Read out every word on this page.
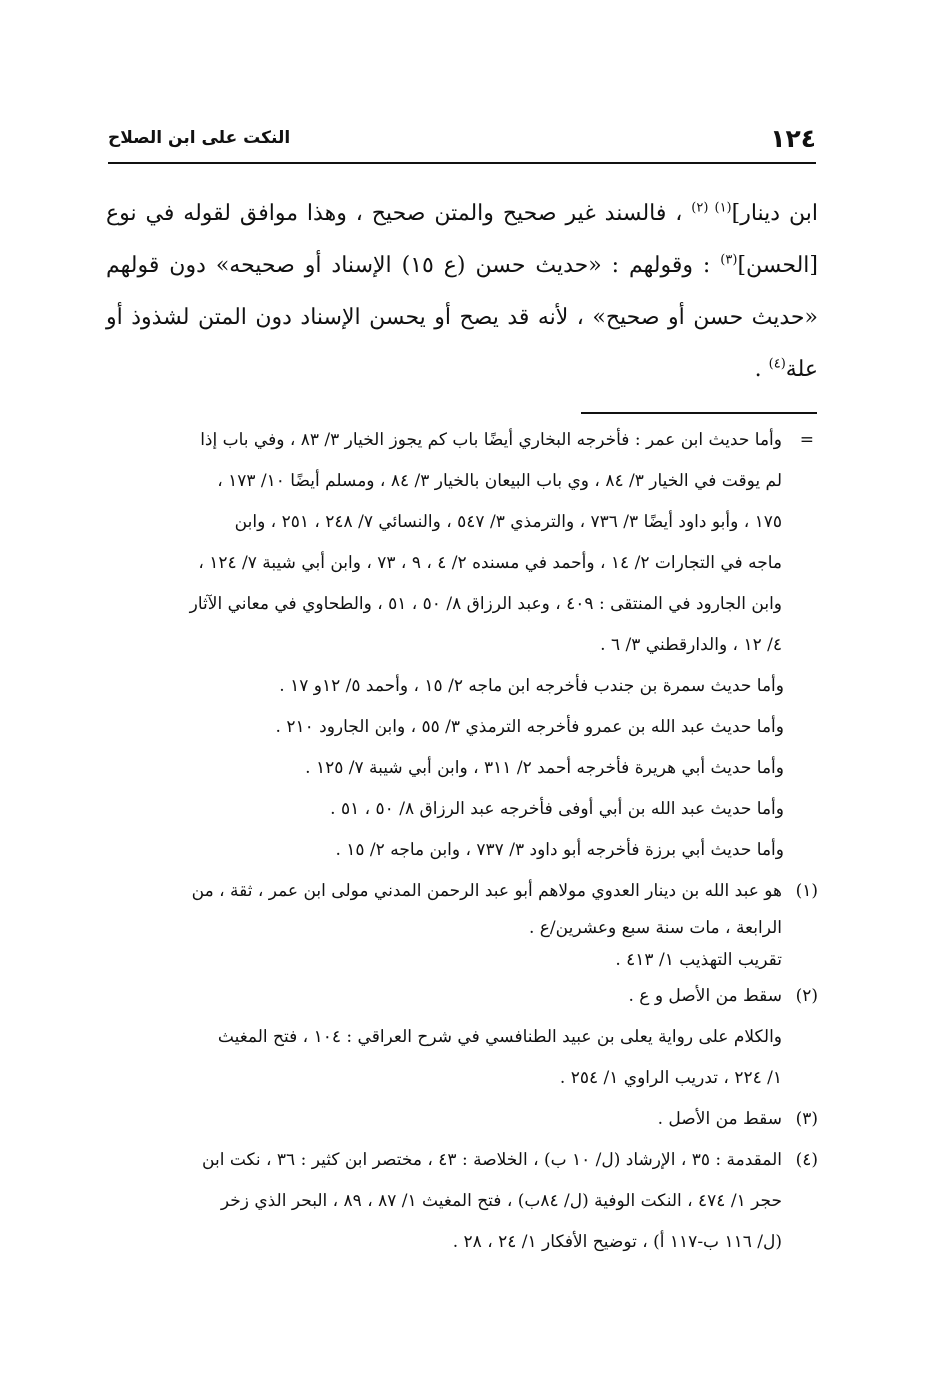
١٢٤
النكت على ابن الصلاح

ابن دينار]$^{(١) (٢)}$ ، فالسند غير صحيح والمتن صحيح ، وهذا موافق لقوله في نوع [الحسن]$^{(٣)}$ : وقولهم : «حديث حسن (ع ١٥) الإسناد أو صحيحه» دون قولهم «حديث حسن أو صحيح» ، لأنه قد يصح أو يحسن الإسناد دون المتن لشذوذ أو علة$^{(٤)}$ .

=
وأما حديث ابن عمر : فأخرجه البخاري أيضًا باب كم يجوز الخيار ٣/ ٨٣ ، وفي باب إذا
لم يوقت في الخيار ٣/ ٨٤ ، وي باب البيعان بالخيار ٣/ ٨٤ ، ومسلم أيضًا ١٠/ ١٧٣ ،
١٧٥ ، وأبو داود أيضًا ٣/ ٧٣٦ ، والترمذي ٣/ ٥٤٧ ، والنسائي ٧/ ٢٤٨ ، ٢٥١ ، وابن
ماجه في التجارات ٢/ ١٤ ، وأحمد في مسنده ٢/ ٤ ، ٩ ، ٧٣ ، وابن أبي شيبة ٧/ ١٢٤ ،
وابن الجارود في المنتقى : ٤٠٩ ، وعبد الرزاق ٨/ ٥٠ ، ٥١ ، والطحاوي في معاني الآثار
٤/ ١٢ ، والدارقطني ٣/ ٦ .
وأما حديث سمرة بن جندب فأخرجه ابن ماجه ٢/ ١٥ ، وأحمد ٥/ ١٢و ١٧ .
وأما حديث عبد الله بن عمرو فأخرجه الترمذي ٣/ ٥٥ ، وابن الجارود ٢١٠ .
وأما حديث أبي هريرة فأخرجه أحمد ٢/ ٣١١ ، وابن أبي شيبة ٧/ ١٢٥ .
وأما حديث عبد الله بن أبي أوفى فأخرجه عبد الرزاق ٨/ ٥٠ ، ٥١ .
وأما حديث أبي برزة فأخرجه أبو داود ٣/ ٧٣٧ ، وابن ماجه ٢/ ١٥ .
(١)
هو عبد الله بن دينار العدوي مولاهم أبو عبد الرحمن المدني مولى ابن عمر ، ثقة ، من
الرابعة ، مات سنة سبع وعشرين/ع .
تقريب التهذيب ١/ ٤١٣ .
(٢)
سقط من الأصل و ع .
والكلام على رواية يعلى بن عبيد الطنافسي في شرح العراقي : ١٠٤ ، فتح المغيث
١/ ٢٢٤ ، تدريب الراوي ١/ ٢٥٤ .
(٣)
سقط من الأصل .
(٤)
المقدمة : ٣٥ ، الإرشاد (ل/ ١٠ ب) ، الخلاصة : ٤٣ ، مختصر ابن كثير : ٣٦ ، نكت ابن
حجر ١/ ٤٧٤ ، النكت الوفية (ل/ ٨٤ب) ، فتح المغيث ١/ ٨٧ ، ٨٩ ، البحر الذي زخر
(ل/ ١١٦ ب-١١٧ أ) ، توضيح الأفكار ١/ ٢٤ ، ٢٨ .
